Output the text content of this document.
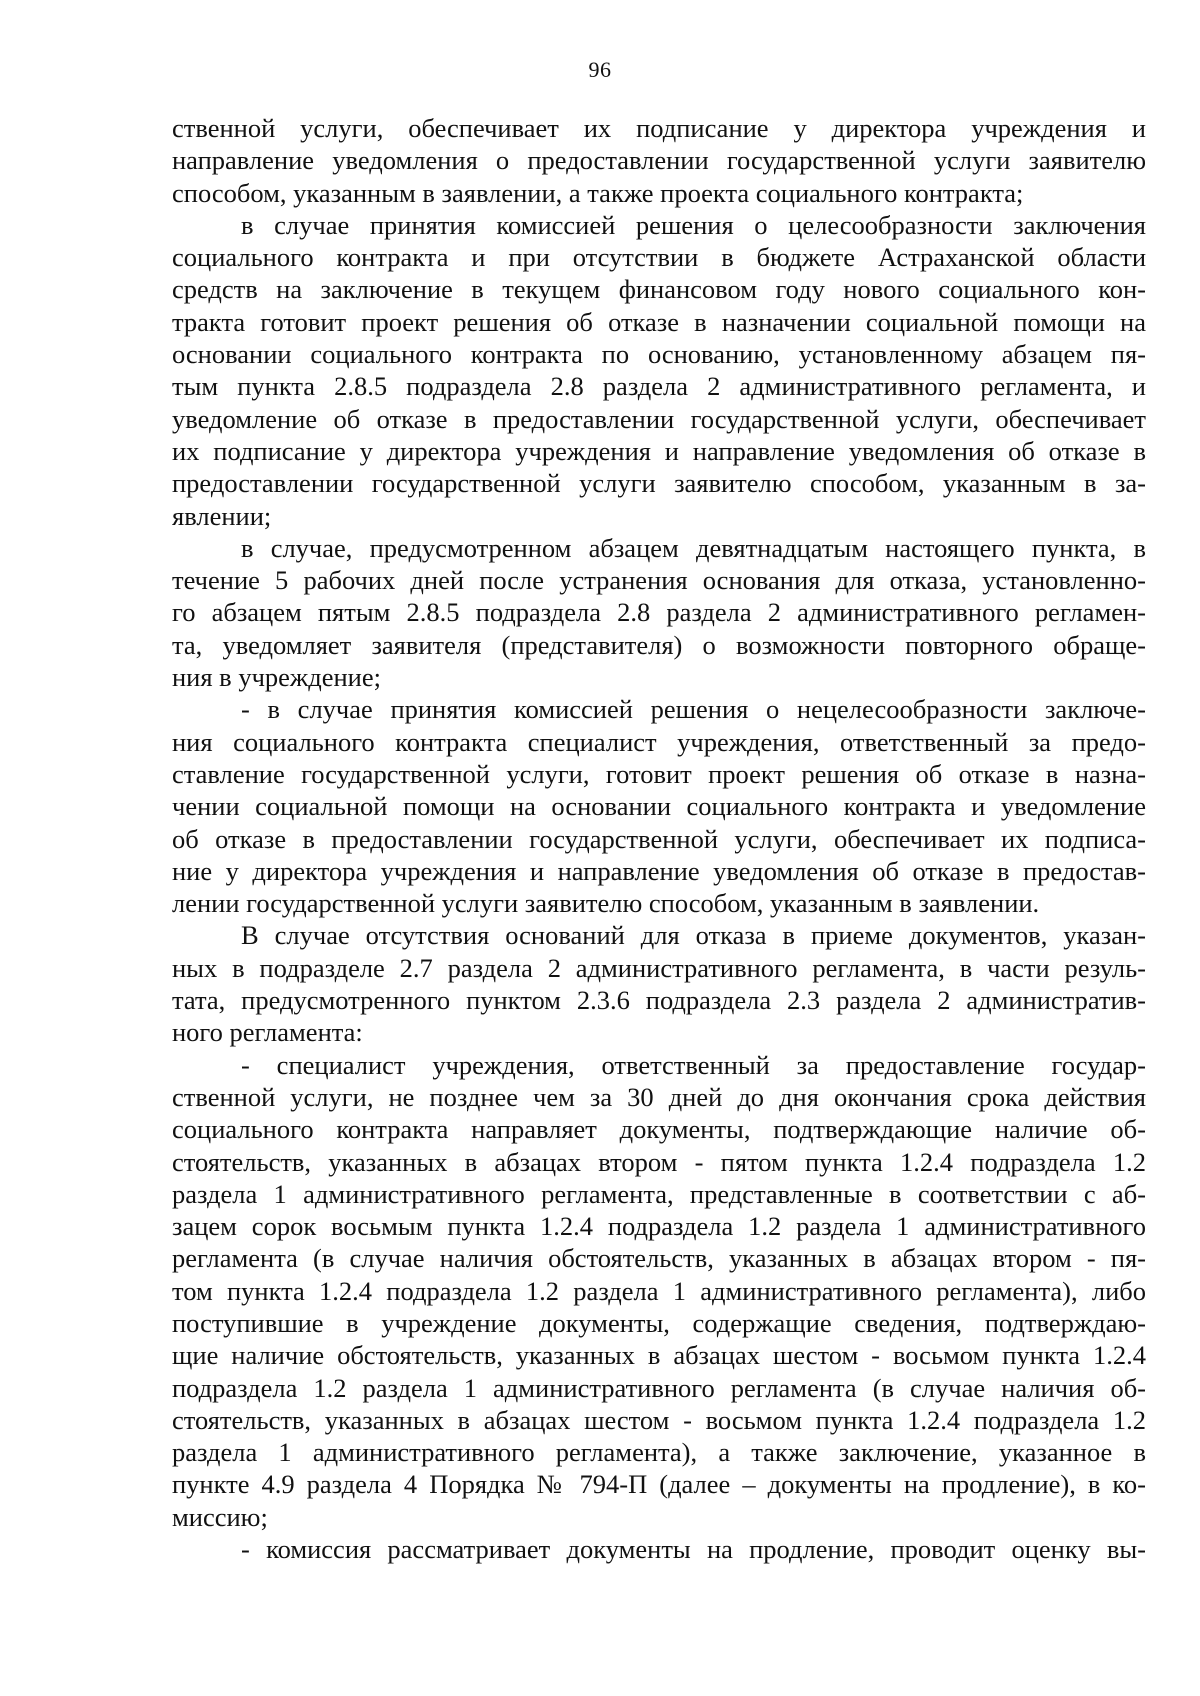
96
ственной услуги, обеспечивает их подписание у директора учреждения и
направление уведомления о предоставлении государственной услуги заявителю
способом, указанным в заявлении, а также проекта социального контракта;
в случае принятия комиссией решения о целесообразности заключения
социального контракта и при отсутствии в бюджете Астраханской области
средств на заключение в текущем финансовом году нового социального кон-
тракта готовит проект решения об отказе в назначении социальной помощи на
основании социального контракта по основанию, установленному абзацем пя-
тым пункта 2.8.5 подраздела 2.8 раздела 2 административного регламента, и
уведомление об отказе в предоставлении государственной услуги, обеспечивает
их подписание у директора учреждения и направление уведомления об отказе в
предоставлении государственной услуги заявителю способом, указанным в за-
явлении;
в случае, предусмотренном абзацем девятнадцатым настоящего пункта, в
течение 5 рабочих дней после устранения основания для отказа, установленно-
го абзацем пятым 2.8.5 подраздела 2.8 раздела 2 административного регламен-
та, уведомляет заявителя (представителя) о возможности повторного обраще-
ния в учреждение;
- в случае принятия комиссией решения о нецелесообразности заключе-
ния социального контракта специалист учреждения, ответственный за предо-
ставление государственной услуги, готовит проект решения об отказе в назна-
чении социальной помощи на основании социального контракта и уведомление
об отказе в предоставлении государственной услуги, обеспечивает их подписа-
ние у директора учреждения и направление уведомления об отказе в предостав-
лении государственной услуги заявителю способом, указанным в заявлении.
В случае отсутствия оснований для отказа в приеме документов, указан-
ных в подразделе 2.7 раздела 2 административного регламента, в части резуль-
тата, предусмотренного пунктом 2.3.6 подраздела 2.3 раздела 2 административ-
ного регламента:
- специалист учреждения, ответственный за предоставление государ-
ственной услуги, не позднее чем за 30 дней до дня окончания срока действия
социального контракта направляет документы, подтверждающие наличие об-
стоятельств, указанных в абзацах втором - пятом пункта 1.2.4 подраздела 1.2
раздела 1 административного регламента, представленные в соответствии с аб-
зацем сорок восьмым пункта 1.2.4 подраздела 1.2 раздела 1 административного
регламента (в случае наличия обстоятельств, указанных в абзацах втором - пя-
том пункта 1.2.4 подраздела 1.2 раздела 1 административного регламента), либо
поступившие в учреждение документы, содержащие сведения, подтверждаю-
щие наличие обстоятельств, указанных в абзацах шестом - восьмом пункта 1.2.4
подраздела 1.2 раздела 1 административного регламента (в случае наличия об-
стоятельств, указанных в абзацах шестом - восьмом пункта 1.2.4 подраздела 1.2
раздела 1 административного регламента), а также заключение, указанное в
пункте 4.9 раздела 4 Порядка № 794-П (далее – документы на продление), в ко-
миссию;
- комиссия рассматривает документы на продление, проводит оценку вы-
